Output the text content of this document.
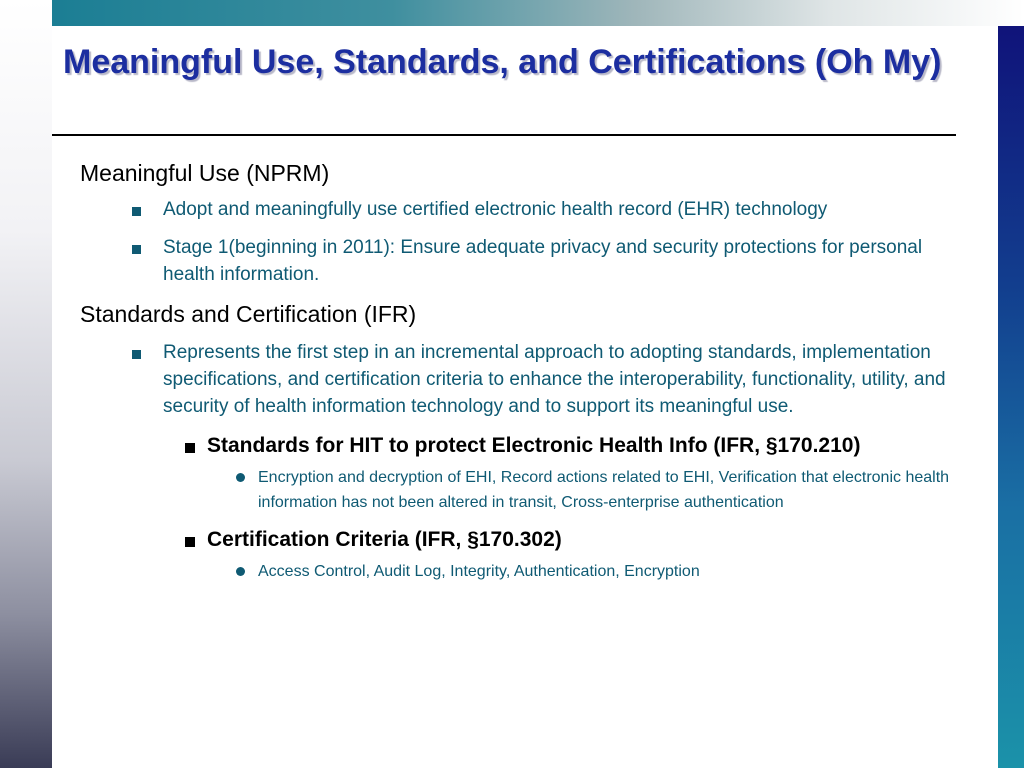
Meaningful Use, Standards, and Certifications (Oh My)
Meaningful Use (NPRM)
Adopt and meaningfully use certified electronic health record (EHR) technology
Stage 1(beginning in 2011): Ensure adequate privacy and security protections for personal health information.
Standards and Certification (IFR)
Represents the first step in an incremental approach to adopting standards, implementation specifications, and certification criteria to enhance the interoperability, functionality, utility, and security of health information technology and to support its meaningful use.
Standards for HIT to protect Electronic Health Info (IFR, §170.210)
Encryption and decryption of EHI, Record actions related to EHI, Verification that electronic health information has not been altered in transit, Cross-enterprise authentication
Certification Criteria (IFR, §170.302)
Access Control, Audit Log, Integrity, Authentication, Encryption
